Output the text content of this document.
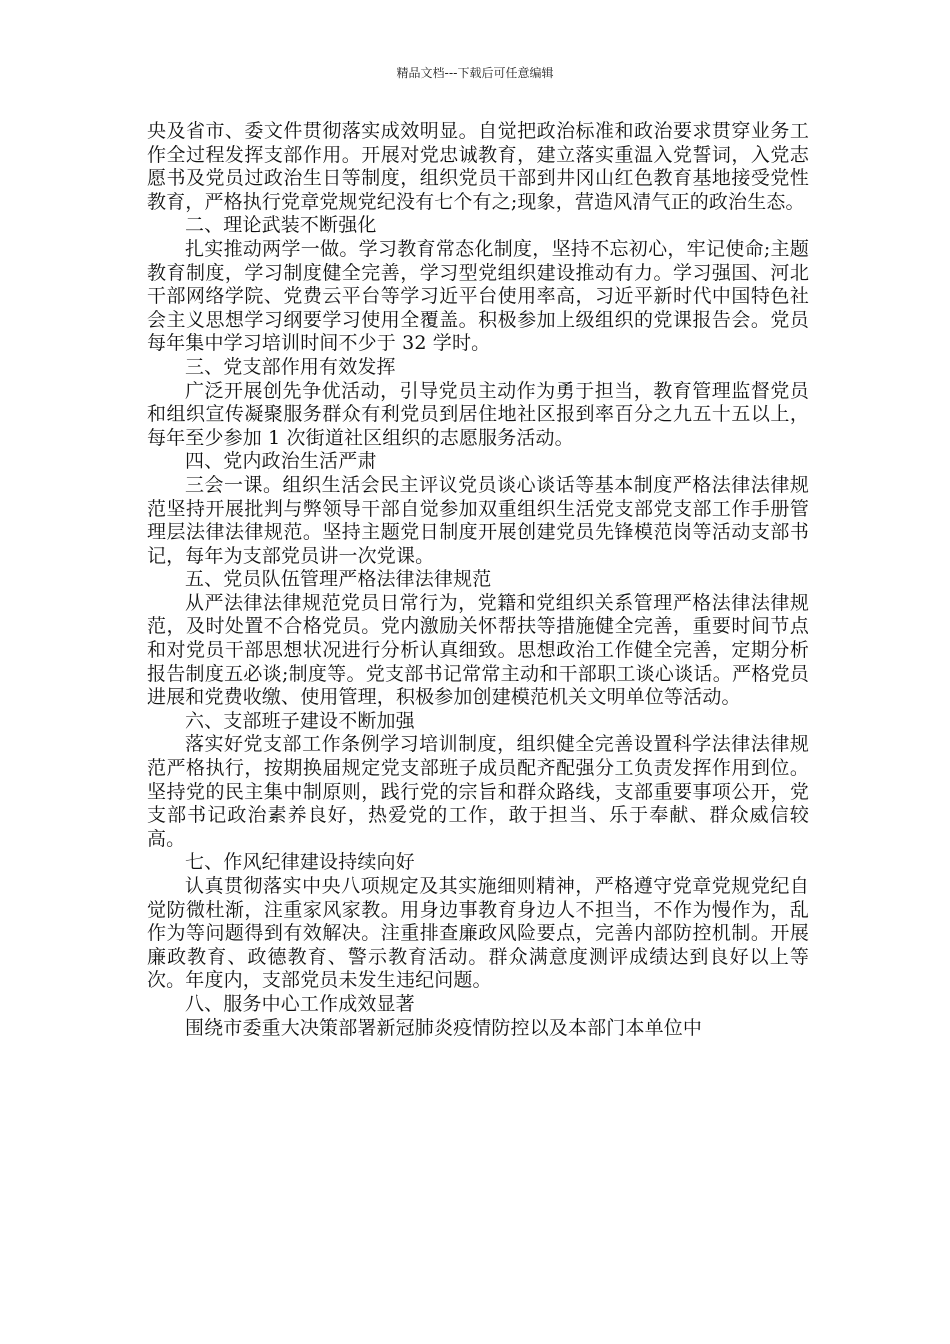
精品文档---下载后可任意编辑

央及省市、委文件贯彻落实成效明显。自觉把政治标准和政治要求贯穿业务工作全过程发挥支部作用。开展对党忠诚教育，建立落实重温入党誓词，入党志愿书及党员过政治生日等制度，组织党员干部到井冈山红色教育基地接受党性教育，严格执行党章党规党纪没有七个有之;现象，营造风清气正的政治生态。

二、理论武装不断强化

扎实推动两学一做。学习教育常态化制度，坚持不忘初心，牢记使命;主题教育制度，学习制度健全完善，学习型党组织建设推动有力。学习强国、河北干部网络学院、党费云平台等学习近平台使用率高，习近平新时代中国特色社会主义思想学习纲要学习使用全覆盖。积极参加上级组织的党课报告会。党员每年集中学习培训时间不少于 32 学时。

三、党支部作用有效发挥

广泛开展创先争优活动，引导党员主动作为勇于担当，教育管理监督党员和组织宣传凝聚服务群众有利党员到居住地社区报到率百分之九五十五以上，每年至少参加 1 次街道社区组织的志愿服务活动。

四、党内政治生活严肃

三会一课。组织生活会民主评议党员谈心谈话等基本制度严格法律法律规范坚持开展批判与弊领导干部自觉参加双重组织生活党支部党支部工作手册管理层法律法律规范。坚持主题党日制度开展创建党员先锋模范岗等活动支部书记，每年为支部党员讲一次党课。

五、党员队伍管理严格法律法律规范

从严法律法律规范党员日常行为，党籍和党组织关系管理严格法律法律规范，及时处置不合格党员。党内激励关怀帮扶等措施健全完善，重要时间节点和对党员干部思想状况进行分析认真细致。思想政治工作健全完善，定期分析报告制度五必谈;制度等。党支部书记常常主动和干部职工谈心谈话。严格党员进展和党费收缴、使用管理，积极参加创建模范机关文明单位等活动。

六、支部班子建设不断加强

落实好党支部工作条例学习培训制度，组织健全完善设置科学法律法律规范严格执行，按期换届规定党支部班子成员配齐配强分工负责发挥作用到位。坚持党的民主集中制原则，践行党的宗旨和群众路线，支部重要事项公开，党支部书记政治素养良好，热爱党的工作，敢于担当、乐于奉献、群众威信较高。

七、作风纪律建设持续向好

认真贯彻落实中央八项规定及其实施细则精神，严格遵守党章党规党纪自觉防微杜渐，注重家风家教。用身边事教育身边人不担当，不作为慢作为，乱作为等问题得到有效解决。注重排查廉政风险要点，完善内部防控机制。开展廉政教育、政德教育、警示教育活动。群众满意度测评成绩达到良好以上等次。年度内，支部党员未发生违纪问题。

八、服务中心工作成效显著

围绕市委重大决策部署新冠肺炎疫情防控以及本部门本单位中
